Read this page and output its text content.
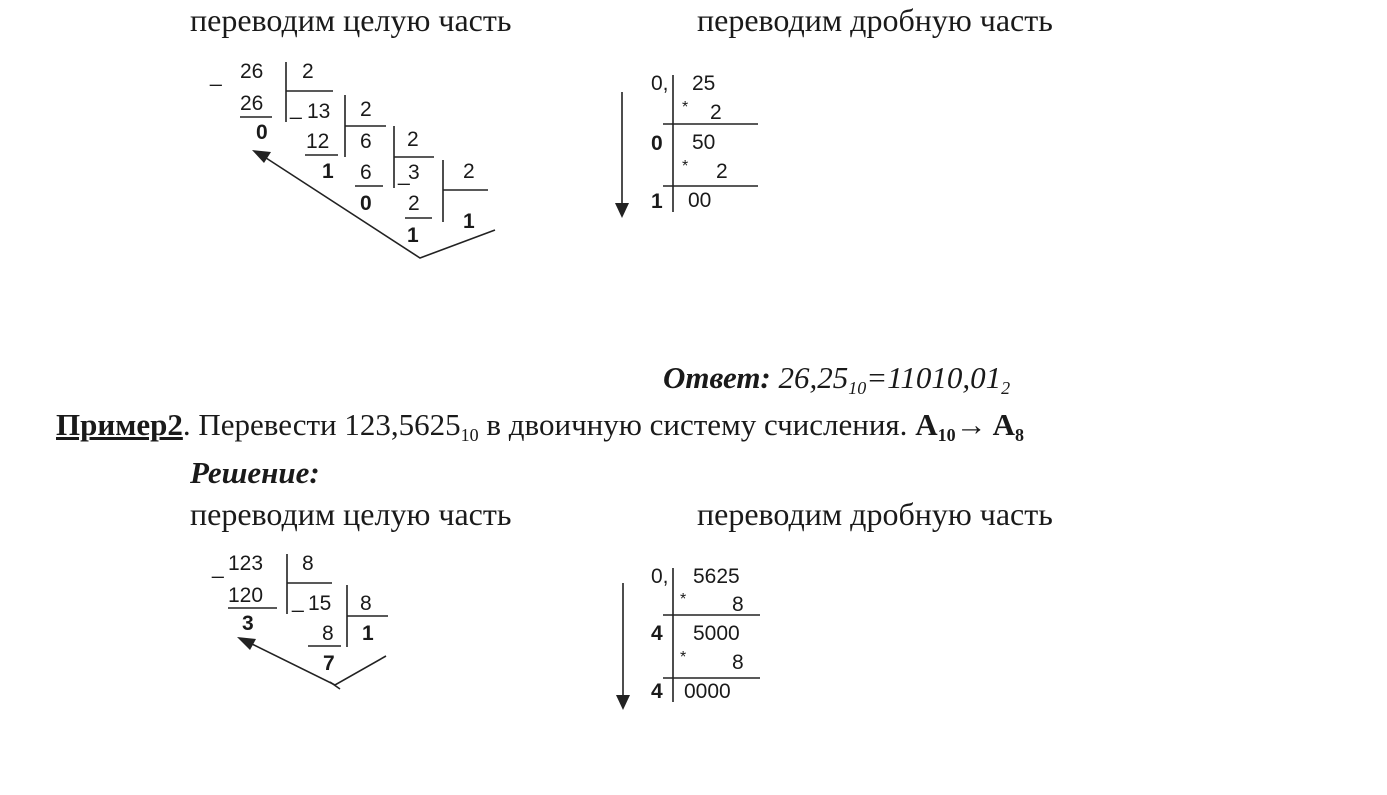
переводим целую часть	переводим дробную часть
_ 26 2
26
0
_ 13 2
12
1
6 2
6
0
_
3 2
2
1
1
0, 25
* 2
0 50
* 2
1 00
Ответ: $26,25_{10}=11010,01_2$
Пример2. Перевести $123,5625_{10}$ в двоичную систему счисления. $A_{10}\to A_8$
Решение:
переводим целую часть	переводим дробную часть
_ 123 8
120
3
_ 15 8
8
7
1
0, 5625
* 8
4 5000
* 8
4 0000
